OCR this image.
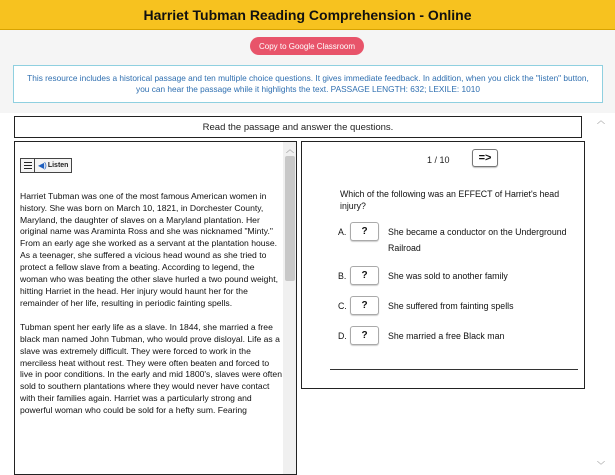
Harriet Tubman Reading Comprehension - Online
Copy to Google Classroom
This resource includes a historical passage and ten multiple choice questions. It gives immediate feedback. In addition, when you click the "listen" button, you can hear the passage while it highlights the text. PASSAGE LENGTH: 632; LEXILE: 1010
Read the passage and answer the questions.
◀) Listen

Harriet Tubman was one of the most famous American women in history. She was born on March 10, 1821, in Dorchester County, Maryland, the daughter of slaves on a Maryland plantation. Her original name was Araminta Ross and she was nicknamed "Minty." From an early age she worked as a servant at the plantation house. As a teenager, she suffered a vicious head wound as she tried to protect a fellow slave from a beating. According to legend, the woman who was beating the other slave hurled a two pound weight, hitting Harriet in the head. Her injury would haunt her for the remainder of her life, resulting in periodic fainting spells.

Tubman spent her early life as a slave. In 1844, she married a free black man named John Tubman, who would prove disloyal. Life as a slave was extremely difficult. They were forced to work in the merciless heat without rest. They were often beaten and forced to live in poor conditions. In the early and mid 1800's, slaves were often sold to southern plantations where they would never have contact with their families again. Harriet was a particularly strong and powerful woman who could be sold for a hefty sum. Fearing

︿
1 / 10	=>
Which of the following was an EFFECT of Harriet's head injury?
A.	?	She became a conductor on the Underground Railroad
B.	?	She was sold to another family
C.	?	She suffered from fainting spells
D.	?	She married a free Black man
︿
﹀
